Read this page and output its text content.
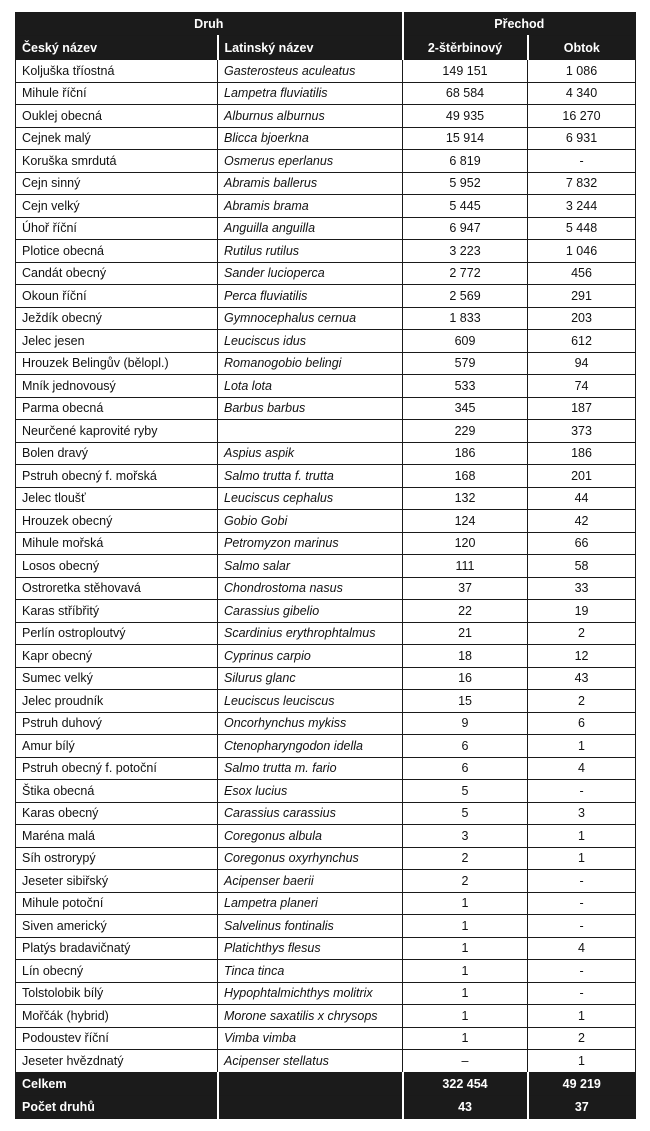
Druh		Přechod	
Český název	Latinský název	2-štěrbinový	Obtok
Koljuška tříostná	Gasterosteus aculeatus	149 151	1 086
Mihule říční	Lampetra fluviatilis	68 584	4 340
Ouklej obecná	Alburnus alburnus	49 935	16 270
Cejnek malý	Blicca bjoerkna	15 914	6 931
Koruška smrdutá	Osmerus eperlanus	6 819	-
Cejn sinný	Abramis ballerus	5 952	7 832
Cejn velký	Abramis brama	5 445	3 244
Úhoř říční	Anguilla anguilla	6 947	5 448
Plotice obecná	Rutilus rutilus	3 223	1 046
Candát obecný	Sander lucioperca	2 772	456
Okoun říční	Perca fluviatilis	2 569	291
Ježdík obecný	Gymnocephalus cernua	1 833	203
Jelec jesen	Leuciscus idus	609	612
Hrouzek Belingův (bělopl.)	Romanogobio belingi	579	94
Mník jednovousý	Lota lota	533	74
Parma obecná	Barbus barbus	345	187
Neurčené kaprovité ryby		229	373
Bolen dravý	Aspius aspik	186	186
Pstruh obecný f. mořská	Salmo trutta f. trutta	168	201
Jelec tloušť	Leuciscus cephalus	132	44
Hrouzek obecný	Gobio Gobi	124	42
Mihule mořská	Petromyzon marinus	120	66
Losos obecný	Salmo salar	111	58
Ostroretka stěhovavá	Chondrostoma nasus	37	33
Karas stříbřitý	Carassius gibelio	22	19
Perlín ostroploutvý	Scardinius erythrophtalmus	21	2
Kapr obecný	Cyprinus carpio	18	12
Sumec velký	Silurus glanc	16	43
Jelec proudník	Leuciscus leuciscus	15	2
Pstruh duhový	Oncorhynchus mykiss	9	6
Amur bílý	Ctenopharyngodon idella	6	1
Pstruh obecný f. potoční	Salmo trutta m. fario	6	4
Štika obecná	Esox lucius	5	-
Karas obecný	Carassius carassius	5	3
Maréna malá	Coregonus albula	3	1
Síh ostrorypý	Coregonus oxyrhynchus	2	1
Jeseter sibiřský	Acipenser baerii	2	-
Mihule potoční	Lampetra planeri	1	-
Siven americký	Salvelinus fontinalis	1	-
Platýs bradavičnatý	Platichthys flesus	1	4
Lín obecný	Tinca tinca	1	-
Tolstolobik bílý	Hypophtalmichthys molitrix	1	-
Mořčák (hybrid)	Morone saxatilis x chrysops	1	1
Podoustev říční	Vimba vimba	1	2
Jeseter hvězdnatý	Acipenser stellatus	–	1
Celkem		322 454	49 219
Počet druhů		43	37
